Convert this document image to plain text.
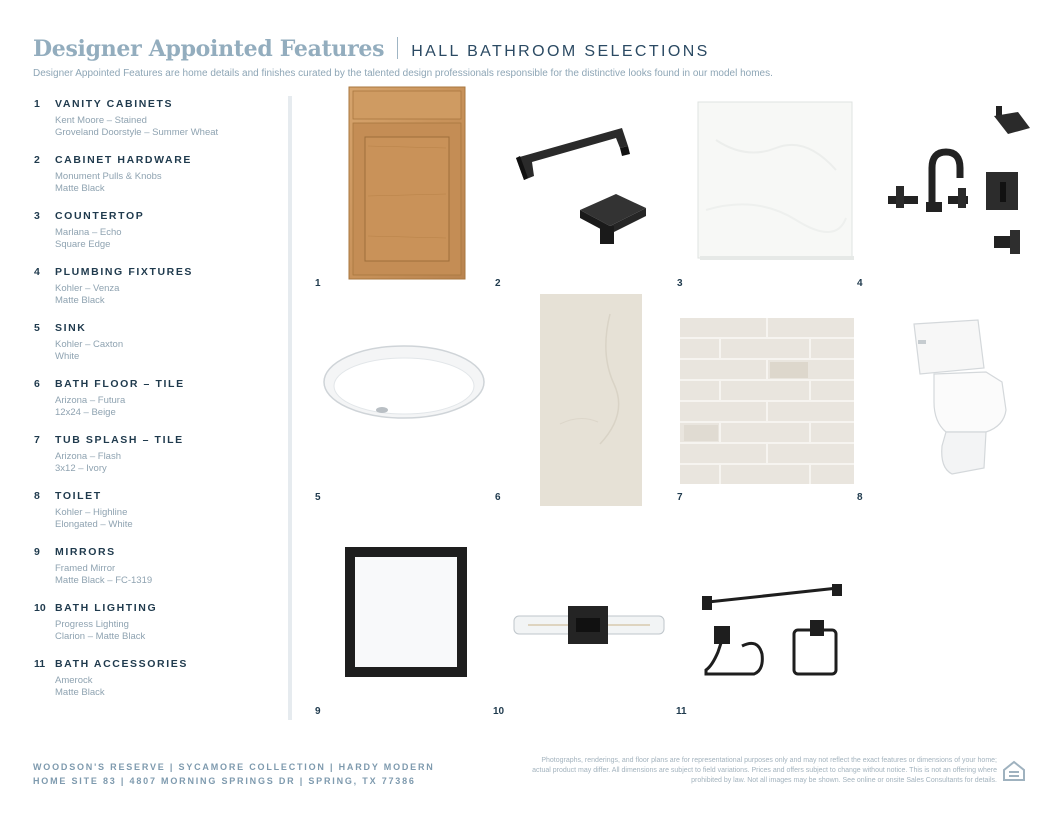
Designer Appointed Features HALL BATHROOM SELECTIONS
Designer Appointed Features are home details and finishes curated by the talented design professionals responsible for the distinctive looks found in our model homes.
1 VANITY CABINETS
Kent Moore – Stained
Groveland Doorstyle – Summer Wheat
2 CABINET HARDWARE
Monument Pulls & Knobs
Matte Black
3 COUNTERTOP
Marlana – Echo
Square Edge
4 PLUMBING FIXTURES
Kohler – Venza
Matte Black
5 SINK
Kohler – Caxton
White
6 BATH FLOOR – TILE
Arizona – Futura
12x24 – Beige
7 TUB SPLASH – TILE
Arizona – Flash
3x12 – Ivory
8 TOILET
Kohler – Highline
Elongated – White
9 MIRRORS
Framed Mirror
Matte Black – FC-1319
10 BATH LIGHTING
Progress Lighting
Clarion – Matte Black
11 BATH ACCESSORIES
Amerock
Matte Black
1	2	3	4
5	6	7	8
9	10	11
WOODSON'S RESERVE | SYCAMORE COLLECTION | HARDY MODERN
HOME SITE 83 | 4807 MORNING SPRINGS DR | SPRING, TX 77386
Photographs, renderings, and floor plans are for representational purposes only and may not reflect the exact features or dimensions of your home; actual product may differ. All dimensions are subject to field variations. Prices and offers subject to change without notice. This is not an offering where prohibited by law. Not all images may be shown. See online or onsite Sales Consultants for details.
